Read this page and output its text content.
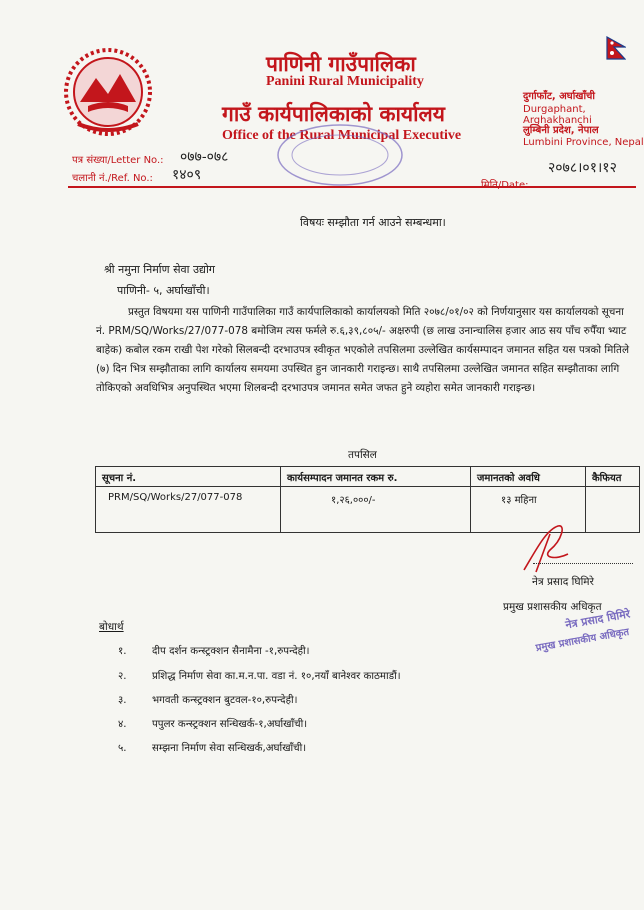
पाणिनी गाउँपालिका
Panini Rural Municipality
गाउँ कार्यपालिकाको कार्यालय
Office of the Rural Municipal Executive
दुर्गाफाँट, अर्घाखाँची
Durgaphant, Arghakhanchi
लुम्बिनी प्रदेश, नेपाल
Lumbini Province, Nepal
पत्र संख्या/Letter No.: ०७७-०७८
चलानी नं./Ref. No.: १४०९	२०७८।०१।१२
विषयः सम्झौता गर्न आउने सम्बन्धमा।
श्री नमुना निर्माण सेवा उद्योग
पाणिनी- ५, अर्घाखाँची।
प्रस्तुत विषयमा यस पाणिनी गाउँपालिका गाउँ कार्यपालिकाको कार्यालयको मिति २०७८/०१/०२ को निर्णयानुसार यस कार्यालयको सूचना नं. PRM/SQ/Works/27/077-078 बमोजिम त्यस फर्मले रु.६,३९,८०५/- अक्षरुपी (छ लाख उनान्चालिस हजार आठ सय पाँच रुपैँया भ्याट बाहेक) कबोल रकम राखी पेश गरेको सिलबन्दी दरभाउपत्र स्वीकृत भएकोले तपसिलमा उल्लेखित कार्यसम्पादन जमानत सहित यस पत्रको मितिले (७) दिन भित्र सम्झौताका लागि कार्यालय समयमा उपस्थित हुन जानकारी गराइन्छ। साथै तपसिलमा उल्लेखित जमानत सहित सम्झौताका लागि तोकिएको अवधिभित्र अनुपस्थित भएमा शिलबन्दी दरभाउपत्र जमानत समेत जफत हुने व्यहोरा समेत जानकारी गराइन्छ।
तपसिल
सूचना नं.	कार्यसम्पादन जमानत रकम रु.	जमानतको अवधि	कैफियत
PRM/SQ/Works/27/077-078	१,२६,०००/-	१३ महिना	
नेत्र प्रसाद घिमिरे
प्रमुख प्रशासकीय अधिकृत
नेत्र प्रसाद घिमिरे
प्रमुख प्रशासकीय अधिकृत
बोधार्थ
१. दीप दर्शन कन्स्ट्रक्शन सैनामैना -१,रुपन्देही।
२. प्रशिद्ध निर्माण सेवा का.म.न.पा. वडा नं. १०,नयाँ बानेश्वर काठमाडौं।
३. भगवती कन्स्ट्रक्शन बुटवल-१०,रुपन्देही।
४. पपुलर कन्स्ट्रक्शन सन्धिखर्क-१,अर्घाखाँची।
५. सम्झना निर्माण सेवा सन्धिखर्क,अर्घाखाँची।
